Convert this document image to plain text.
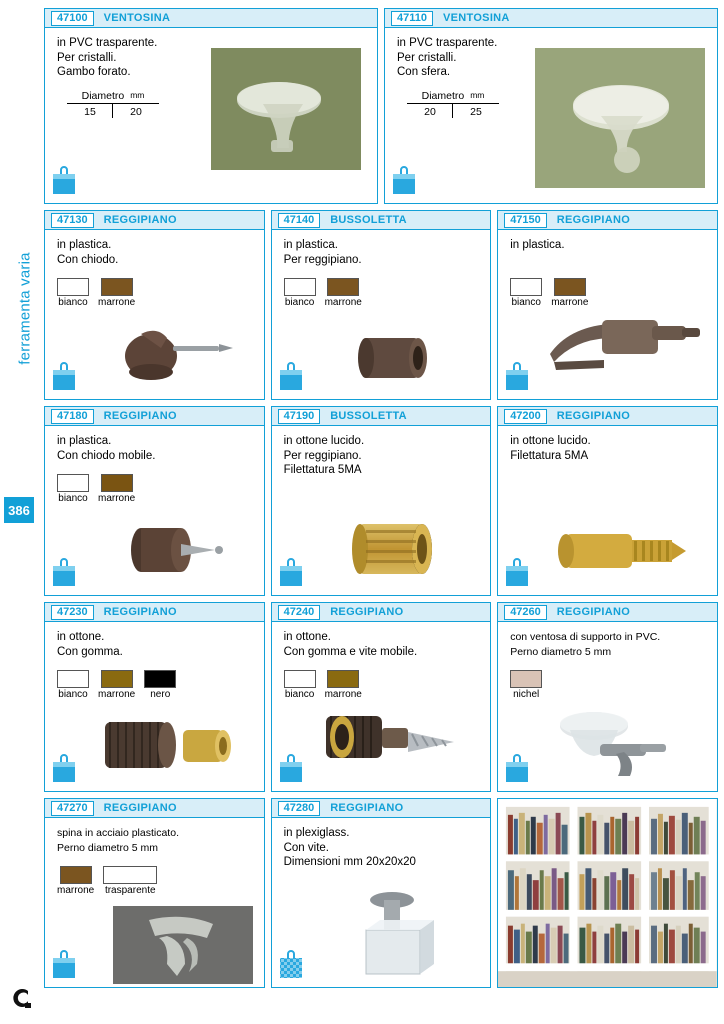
ferramenta varia
386
47100	VENTOSINA
in PVC trasparente.
Per cristalli.
Gambo forato.
Diametro mm
15	20
47110	VENTOSINA
in PVC trasparente.
Per cristalli.
Con sfera.
Diametro mm
20	25
47130	REGGIPIANO
in plastica.
Con chiodo.
bianco marrone
47140	BUSSOLETTA
in plastica.
Per reggipiano.
bianco marrone
47150	REGGIPIANO
in plastica.
bianco marrone
47180	REGGIPIANO
in plastica.
Con chiodo mobile.
bianco marrone
47190	BUSSOLETTA
in ottone lucido.
Per reggipiano.
Filettatura 5MA
47200	REGGIPIANO
in ottone lucido.
Filettatura 5MA
47230	REGGIPIANO
in ottone.
Con gomma.
bianco marrone	nero
47240	REGGIPIANO
in ottone.
Con gomma e vite mobile.
bianco marrone
47260	REGGIPIANO
con ventosa di supporto in PVC.
Perno diametro 5 mm
nichel
47270	REGGIPIANO
spina in acciaio plasticato.
Perno diametro 5 mm
marrone trasparente
47280	REGGIPIANO
in plexiglass.
Con vite.
Dimensioni mm 20x20x20
